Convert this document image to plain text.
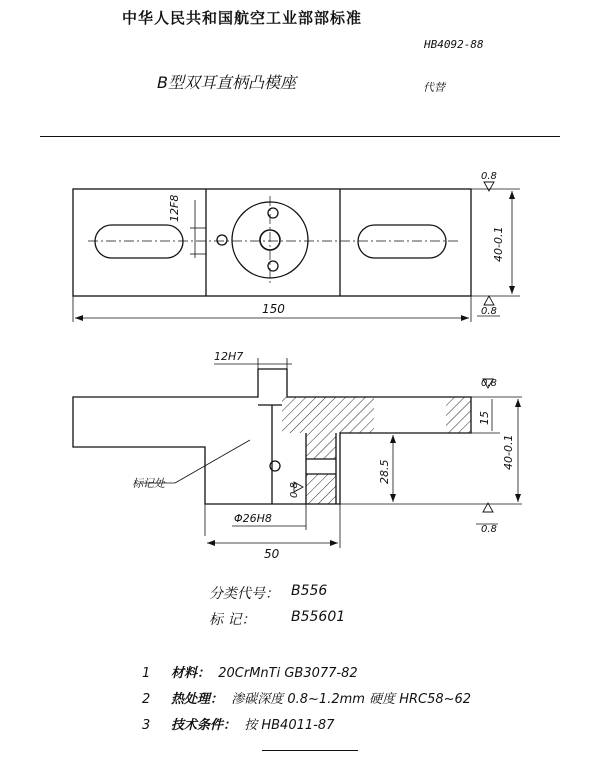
中华人民共和国航空工业部部标准
HB4092-88
B型双耳直柄凸模座	代替
12F8
150
40-0.1
0.8
0.8
12H7
15
40-0.1
28.5
Φ26H8
50
0.8
0.8
0.8
标记处
分类代号： B556
标 记：	B55601
1 材料： 20CrMnTi GB3077-82
2 热处理： 渗碳深度 0.8~1.2mm 硬度 HRC58~62
3 技术条件： 按 HB4011-87
